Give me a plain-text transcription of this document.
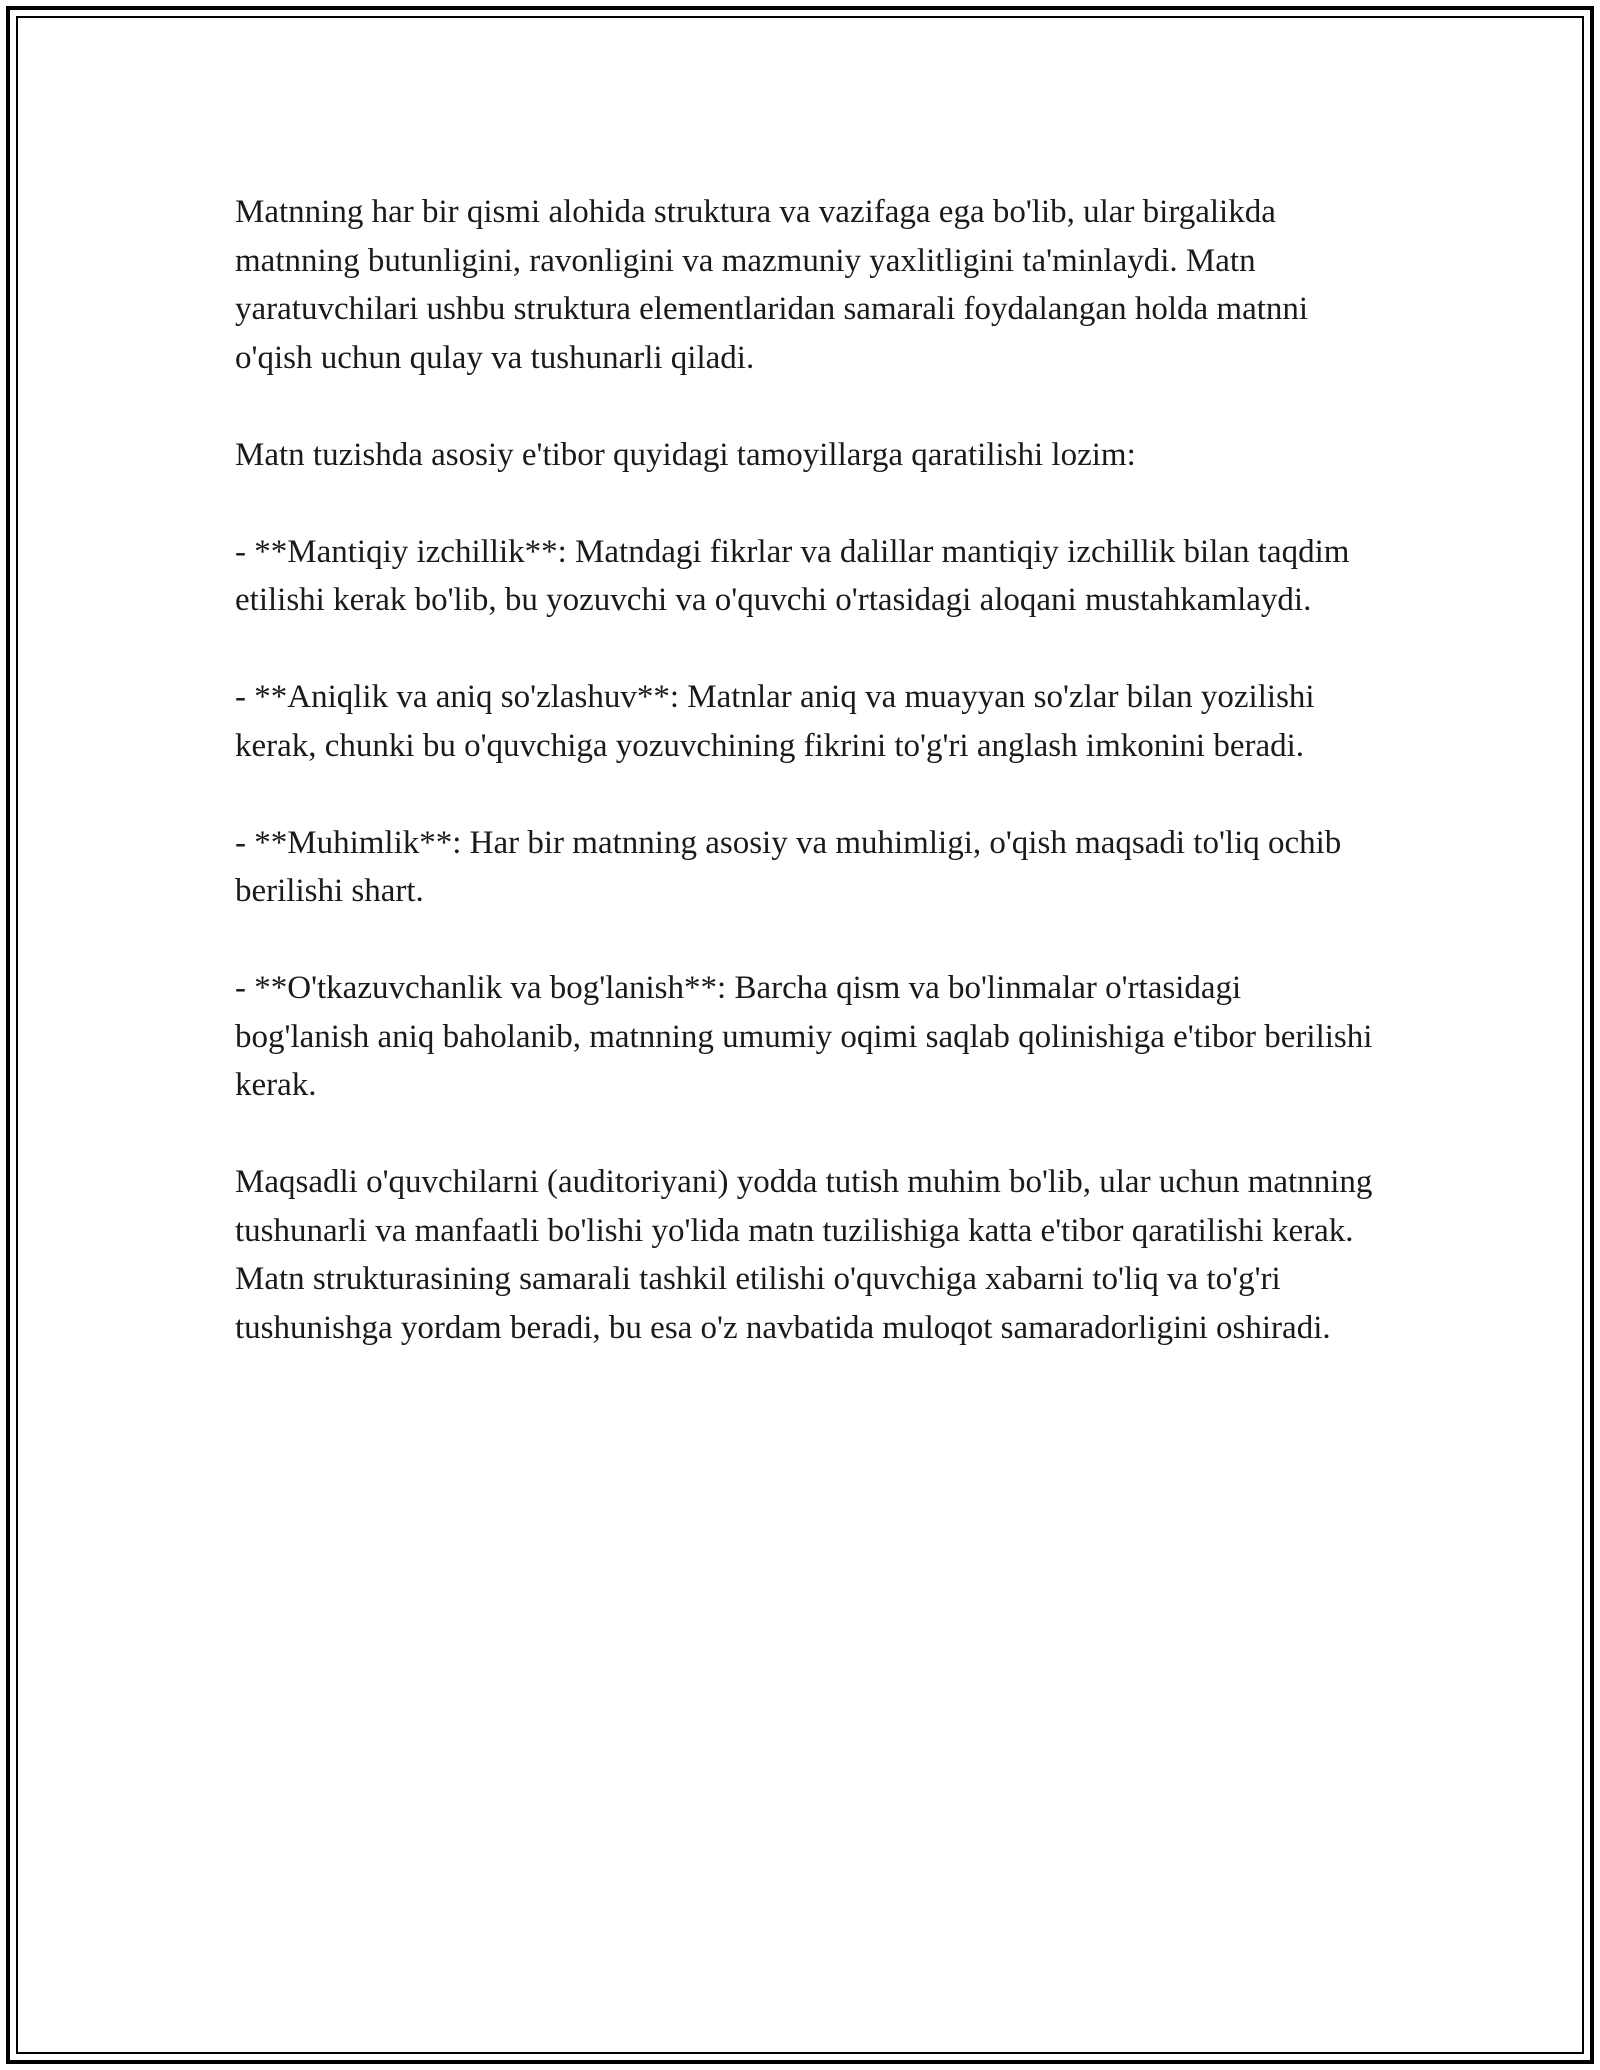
Matnning har bir qismi alohida struktura va vazifaga ega bo'lib, ular birgalikda matnning butunligini, ravonligini va mazmuniy yaxlitligini ta'minlaydi. Matn yaratuvchilari ushbu struktura elementlaridan samarali foydalangan holda matnni o'qish uchun qulay va tushunarli qiladi.

Matn tuzishda asosiy e'tibor quyidagi tamoyillarga qaratilishi lozim:

- **Mantiqiy izchillik**: Matndagi fikrlar va dalillar mantiqiy izchillik bilan taqdim etilishi kerak bo'lib, bu yozuvchi va o'quvchi o'rtasidagi aloqani mustahkamlaydi.

- **Aniqlik va aniq so'zlashuv**: Matnlar aniq va muayyan so'zlar bilan yozilishi kerak, chunki bu o'quvchiga yozuvchining fikrini to'g'ri anglash imkonini beradi.

- **Muhimlik**: Har bir matnning asosiy va muhimligi, o'qish maqsadi to'liq ochib berilishi shart.

- **O'tkazuvchanlik va bog'lanish**: Barcha qism va bo'linmalar o'rtasidagi bog'lanish aniq baholanib, matnning umumiy oqimi saqlab qolinishiga e'tibor berilishi kerak.

Maqsadli o'quvchilarni (auditoriyani) yodda tutish muhim bo'lib, ular uchun matnning tushunarli va manfaatli bo'lishi yo'lida matn tuzilishiga katta e'tibor qaratilishi kerak. Matn strukturasining samarali tashkil etilishi o'quvchiga xabarni to'liq va to'g'ri tushunishga yordam beradi, bu esa o'z navbatida muloqot samaradorligini oshiradi.
